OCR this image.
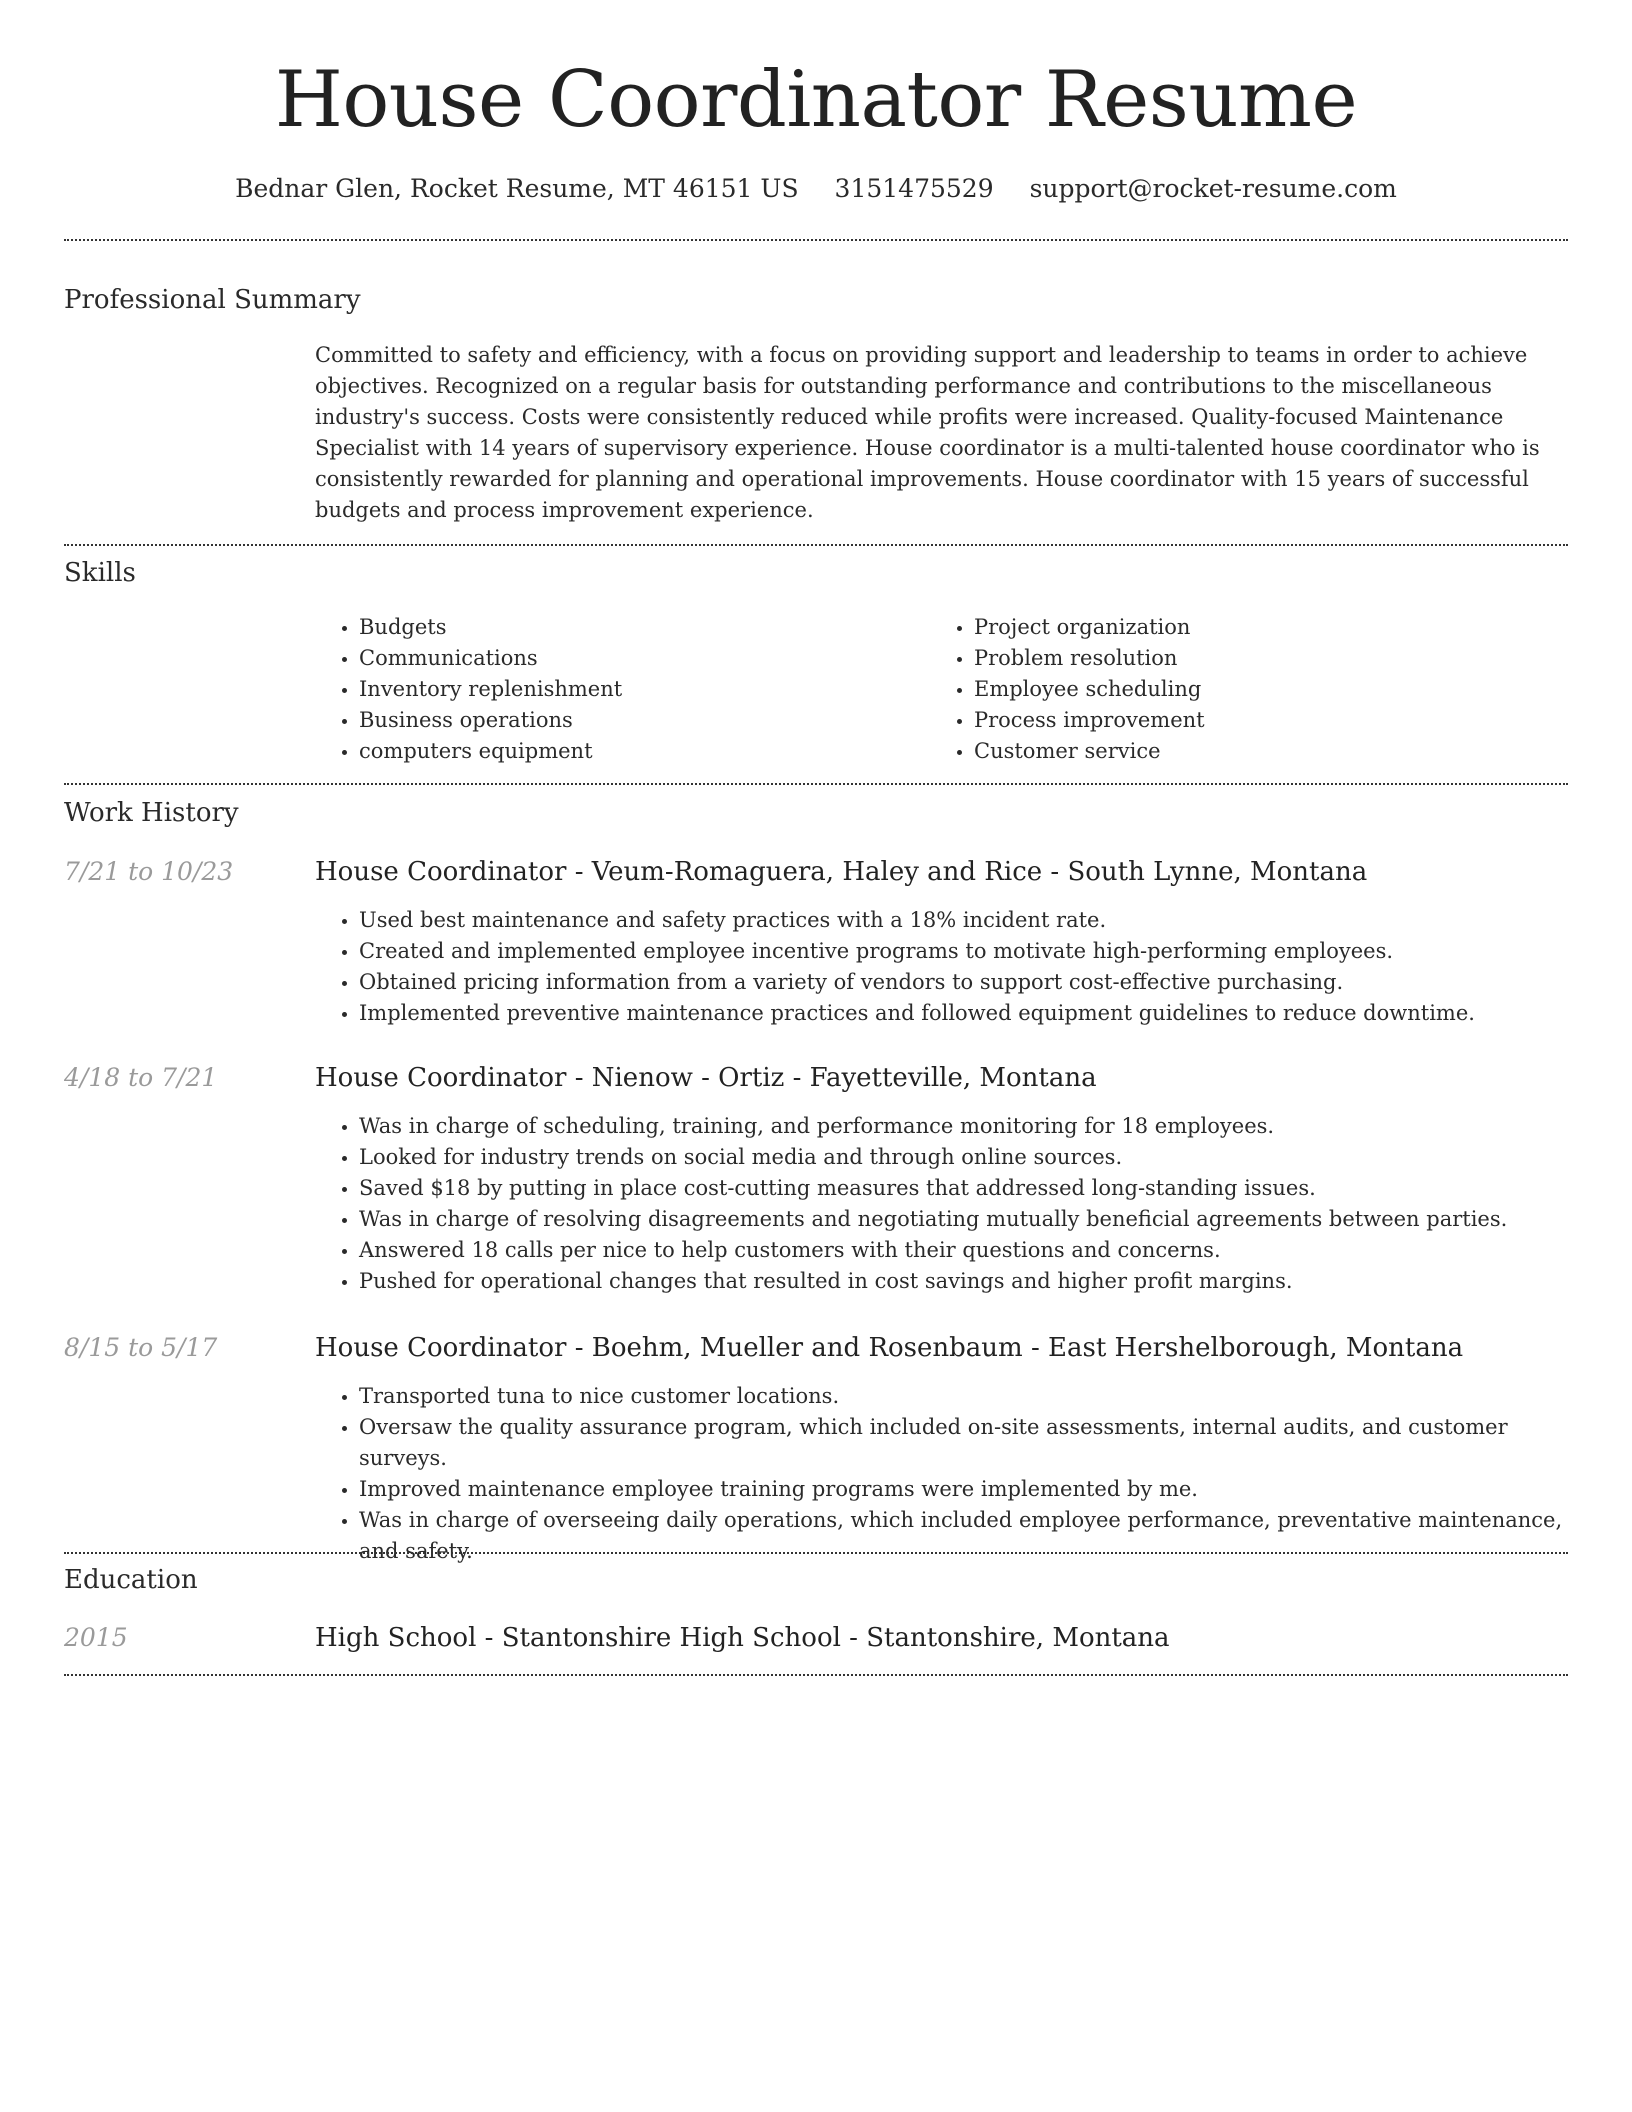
House Coordinator Resume
Bednar Glen, Rocket Resume, MT 46151 US 3151475529 support@rocket-resume.com
Professional Summary
Committed to safety and efficiency, with a focus on providing support and leadership to teams in order to achieve objectives. Recognized on a regular basis for outstanding performance and contributions to the miscellaneous industry's success. Costs were consistently reduced while profits were increased. Quality-focused Maintenance Specialist with 14 years of supervisory experience. House coordinator is a multi-talented house coordinator who is consistently rewarded for planning and operational improvements. House coordinator with 15 years of successful budgets and process improvement experience.
Skills
• Budgets
• Communications
• Inventory replenishment
• Business operations
• computers equipment
• Project organization
• Problem resolution
• Employee scheduling
• Process improvement
• Customer service
Work History
7/21 to 10/23	House Coordinator - Veum-Romaguera, Haley and Rice - South Lynne, Montana
• Used best maintenance and safety practices with a 18% incident rate.
• Created and implemented employee incentive programs to motivate high-performing employees.
• Obtained pricing information from a variety of vendors to support cost-effective purchasing.
• Implemented preventive maintenance practices and followed equipment guidelines to reduce downtime.
4/18 to 7/21	House Coordinator - Nienow - Ortiz - Fayetteville, Montana
• Was in charge of scheduling, training, and performance monitoring for 18 employees.
• Looked for industry trends on social media and through online sources.
• Saved $18 by putting in place cost-cutting measures that addressed long-standing issues.
• Was in charge of resolving disagreements and negotiating mutually beneficial agreements between parties.
• Answered 18 calls per nice to help customers with their questions and concerns.
• Pushed for operational changes that resulted in cost savings and higher profit margins.
8/15 to 5/17	House Coordinator - Boehm, Mueller and Rosenbaum - East Hershelborough, Montana
• Transported tuna to nice customer locations.
• Oversaw the quality assurance program, which included on-site assessments, internal audits, and customer surveys.
• Improved maintenance employee training programs were implemented by me.
• Was in charge of overseeing daily operations, which included employee performance, preventative maintenance, and safety.
Education
2015	High School - Stantonshire High School - Stantonshire, Montana
